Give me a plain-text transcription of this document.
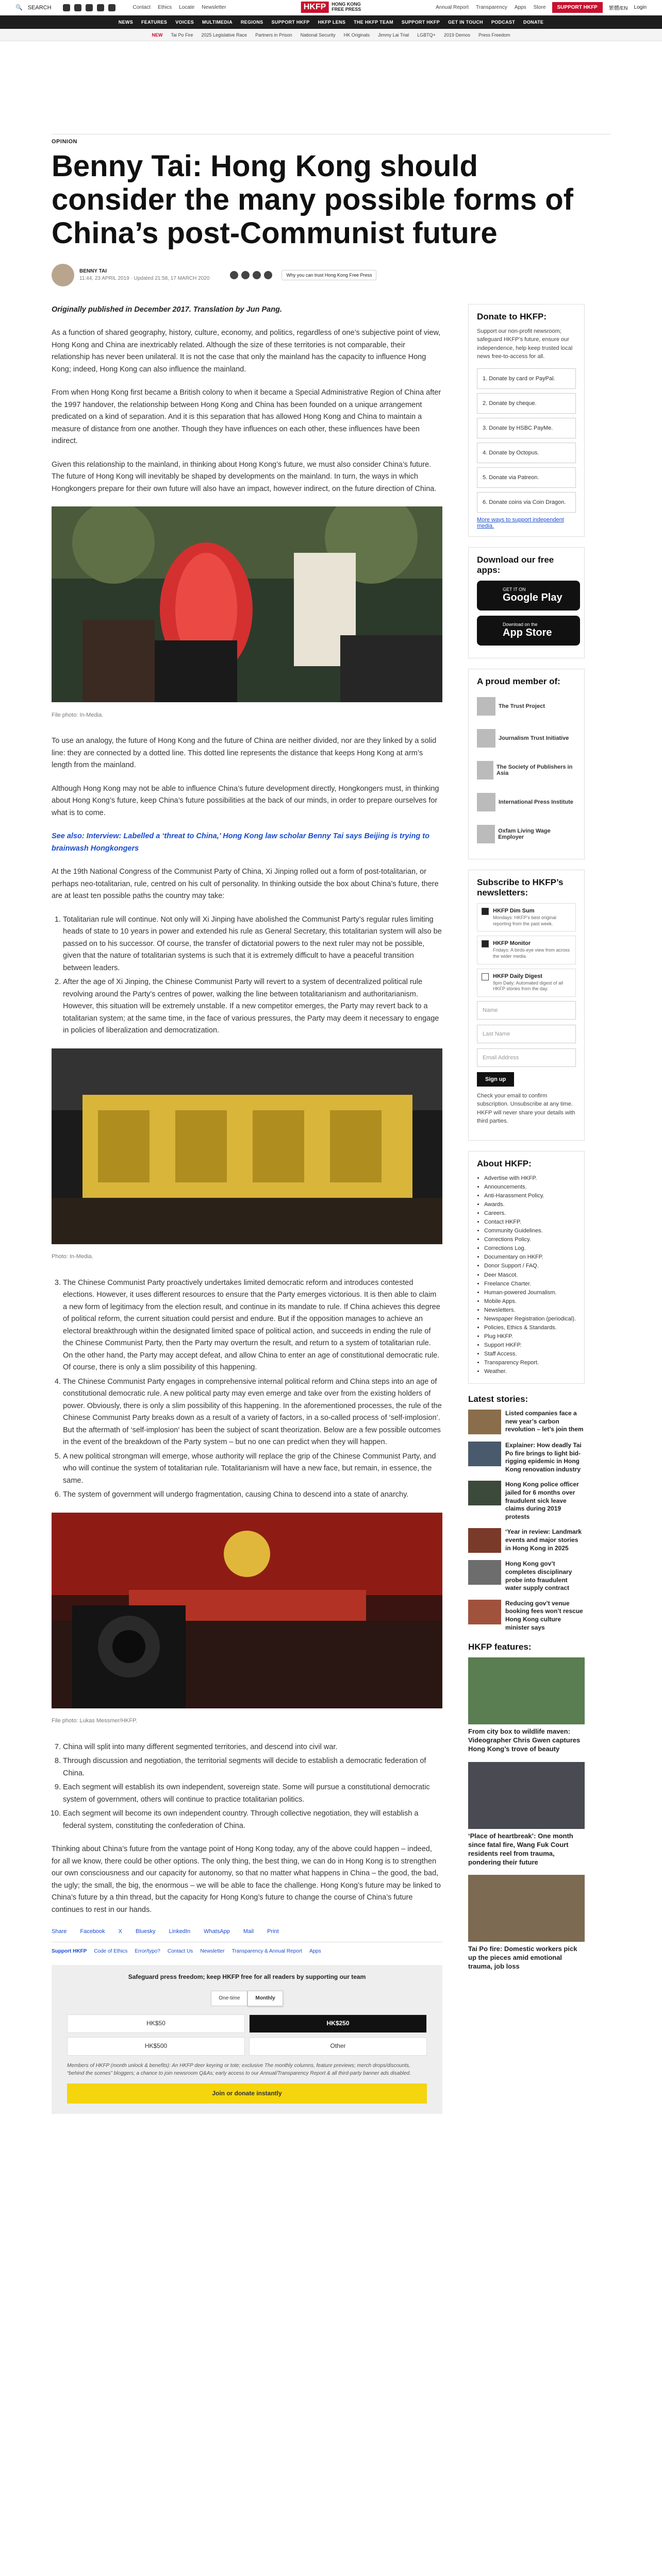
🔍 SEARCH	Contact Ethics Locate Newsletter	HKFP	HONG KONG
FREE PRESS	Annual Report Transparency Apps Store	SUPPORT HKFP	繁體/EN Login
NEWS FEATURES VOICES MULTIMEDIA REGIONS SUPPORT HKFP HKFP LENS THE HKFP TEAM SUPPORT HKFP GET IN TOUCH PODCAST DONATE
NEW Tai Po Fire 2025 Legislative Race Partners in Prison National Security HK Originals Jimmy Lai Trial LGBTQ+ 2019 Demos Press Freedom
OPINION
Benny Tai: Hong Kong should consider the many possible forms of China’s post-Communist future
BENNY TAI
11:44, 23 APRIL 2019 · Updated 21:58, 17 MARCH 2020
Why you can trust Hong Kong Free Press

Originally published in December 2017. Translation by Jun Pang.

As a function of shared geography, history, culture, economy, and politics, regardless of one’s subjective point of view, Hong Kong and China are inextricably related. Although the size of these territories is not comparable, their relationship has never been unilateral. It is not the case that only the mainland has the capacity to influence Hong Kong; indeed, Hong Kong can also influence the mainland.

From when Hong Kong first became a British colony to when it became a Special Administrative Region of China after the 1997 handover, the relationship between Hong Kong and China has been founded on a unique arrangement predicated on a kind of separation. And it is this separation that has allowed Hong Kong and China to maintain a measure of distance from one another. Though they have influences on each other, these influences have been indirect.

Given this relationship to the mainland, in thinking about Hong Kong’s future, we must also consider China’s future. The future of Hong Kong will inevitably be shaped by developments on the mainland. In turn, the ways in which Hongkongers prepare for their own future will also have an impact, however indirect, on the future direction of China.

File photo: In-Media.

To use an analogy, the future of Hong Kong and the future of China are neither divided, nor are they linked by a solid line: they are connected by a dotted line. This dotted line represents the distance that keeps Hong Kong at arm’s length from the mainland.

Although Hong Kong may not be able to influence China’s future development directly, Hongkongers must, in thinking about Hong Kong’s future, keep China’s future possibilities at the back of our minds, in order to prepare ourselves for what is to come.

See also: Interview: Labelled a ‘threat to China,’ Hong Kong law scholar Benny Tai says Beijing is trying to brainwash Hongkongers

At the 19th National Congress of the Communist Party of China, Xi Jinping rolled out a form of post-totalitarian, or perhaps neo-totalitarian, rule, centred on his cult of personality. In thinking outside the box about China’s future, there are at least ten possible paths the country may take:

1. Totalitarian rule will continue. Not only will Xi Jinping have abolished the Communist Party’s regular rules limiting heads of state to 10 years in power and extended his rule as General Secretary, this totalitarian system will also be passed on to his successor. Of course, the transfer of dictatorial powers to the next ruler may not be possible, given that the nature of totalitarian systems is such that it is extremely difficult to have a peaceful transition between leaders.
2. After the age of Xi Jinping, the Chinese Communist Party will revert to a system of decentralized political rule revolving around the Party’s centres of power, walking the line between totalitarianism and authoritarianism. However, this situation will be extremely unstable. If a new competitor emerges, the Party may revert back to a totalitarian system; at the same time, in the face of various pressures, the Party may deem it necessary to engage in policies of liberalization and democratization.
Photo: In-Media.
3. The Chinese Communist Party proactively undertakes limited democratic reform and introduces contested elections. However, it uses different resources to ensure that the Party emerges victorious. It is then able to claim a new form of legitimacy from the election result, and continue in its mandate to rule. If China achieves this degree of political reform, the current situation could persist and endure. But if the opposition manages to achieve an electoral breakthrough within the designated limited space of political action, and succeeds in ending the rule of the Chinese Communist Party, then the Party may overturn the result, and return to a system of totalitarian rule. On the other hand, the Party may accept defeat, and allow China to enter an age of constitutional democratic rule. Of course, there is only a slim possibility of this happening.
4. The Chinese Communist Party engages in comprehensive internal political reform and China steps into an age of constitutional democratic rule. A new political party may even emerge and take over from the existing holders of power. Obviously, there is only a slim possibility of this happening. In the aforementioned processes, the rule of the Chinese Communist Party breaks down as a result of a variety of factors, in a so-called process of ‘self-implosion’. But the aftermath of ‘self-implosion’ has been the subject of scant theorization. Below are a few possible outcomes in the event of the breakdown of the Party system – but no one can predict when they will happen.
5. A new political strongman will emerge, whose authority will replace the grip of the Chinese Communist Party, and who will continue the system of totalitarian rule. Totalitarianism will have a new face, but remain, in essence, the same.
6. The system of government will undergo fragmentation, causing China to descend into a state of anarchy.
File photo: Lukas Messmer/HKFP.
7. China will split into many different segmented territories, and descend into civil war.
8. Through discussion and negotiation, the territorial segments will decide to establish a democratic federation of China.
9. Each segment will establish its own independent, sovereign state. Some will pursue a constitutional democratic system of government, others will continue to practice totalitarian politics.
10. Each segment will become its own independent country. Through collective negotiation, they will establish a federal system, constituting the confederation of China.

Thinking about China’s future from the vantage point of Hong Kong today, any of the above could happen – indeed, for all we know, there could be other options. The only thing, the best thing, we can do in Hong Kong is to strengthen our own consciousness and our capacity for autonomy, so that no matter what happens in China – the good, the bad, the ugly; the small, the big, the enormous – we will be able to face the challenge. Hong Kong’s future may be linked to China’s future by a thin thread, but the capacity for Hong Kong’s future to change the course of China’s future continues to rest in our hands.

Share Facebook X Bluesky LinkedIn WhatsApp Mail Print
Support HKFP Code of Ethics Error/typo? Contact Us Newsletter Transparency & Annual Report Apps
Safeguard press freedom; keep HKFP free for all readers by supporting our team
One-time	Monthly
HK$50	HK$250
HK$500	Other
Members of HKFP (month unlock & benefits): An HKFP deer keyring or tote; exclusive The monthly columns, feature previews; merch drops/discounts, “behind the scenes” bloggers; a chance to join newsroom Q&As; early access to our Annual/Transparency Report & all third-party banner ads disabled.
Join or donate instantly
Donate to HKFP:
Support our non-profit newsroom; safeguard HKFP’s future, ensure our independence, help keep trusted local news free-to-access for all.
1. Donate by card or PayPal.
2. Donate by cheque.
3. Donate by HSBC PayMe.
4. Donate by Octopus.
5. Donate via Patreon.
6. Donate coins via Coin Dragon.
More ways to support independent media.
Download our free apps:
GET IT ON
Google Play
Download on the
App Store
A proud member of:
The Trust Project
Journalism Trust Initiative
The Society of Publishers in Asia
International Press Institute
Oxfam Living Wage Employer
Subscribe to HKFP’s newsletters:
HKFP Dim Sum
Mondays: HKFP’s best original reporting from the past week.
HKFP Monitor
Fridays: A birds-eye view from across the wider media.
HKFP Daily Digest
9pm Daily: Automated digest of all HKFP stories from the day.
Name
Last Name
Email Address
Sign up
Check your email to confirm subscription. Unsubscribe at any time. HKFP will never share your details with third parties.
About HKFP:
• Advertise with HKFP.
• Announcements.
• Anti-Harassment Policy.
• Awards.
• Careers.
• Contact HKFP.
• Community Guidelines.
• Corrections Policy.
• Corrections Log.
• Documentary on HKFP.
• Donor Support / FAQ.
• Deer Mascot.
• Freelance Charter.
• Human-powered Journalism.
• Mobile Apps.
• Newsletters.
• Newspaper Registration (periodical).
• Policies, Ethics & Standards.
• Plug HKFP.
• Support HKFP.
• Staff Access.
• Transparency Report.
• Weather.
Latest stories:
Listed companies face a new year’s carbon revolution – let’s join them
Explainer: How deadly Tai Po fire brings to light bid-rigging epidemic in Hong Kong renovation industry
Hong Kong police officer jailed for 6 months over fraudulent sick leave claims during 2019 protests
‘Year in review: Landmark events and major stories in Hong Kong in 2025
Hong Kong gov’t completes disciplinary probe into fraudulent water supply contract
Reducing gov’t venue booking fees won’t rescue Hong Kong culture minister says
HKFP features:
From city box to wildlife maven: Videographer Chris Gwen captures Hong Kong’s trove of beauty
‘Place of heartbreak’: One month since fatal fire, Wang Fuk Court residents reel from trauma, pondering their future
Tai Po fire: Domestic workers pick up the pieces amid emotional trauma, job loss
